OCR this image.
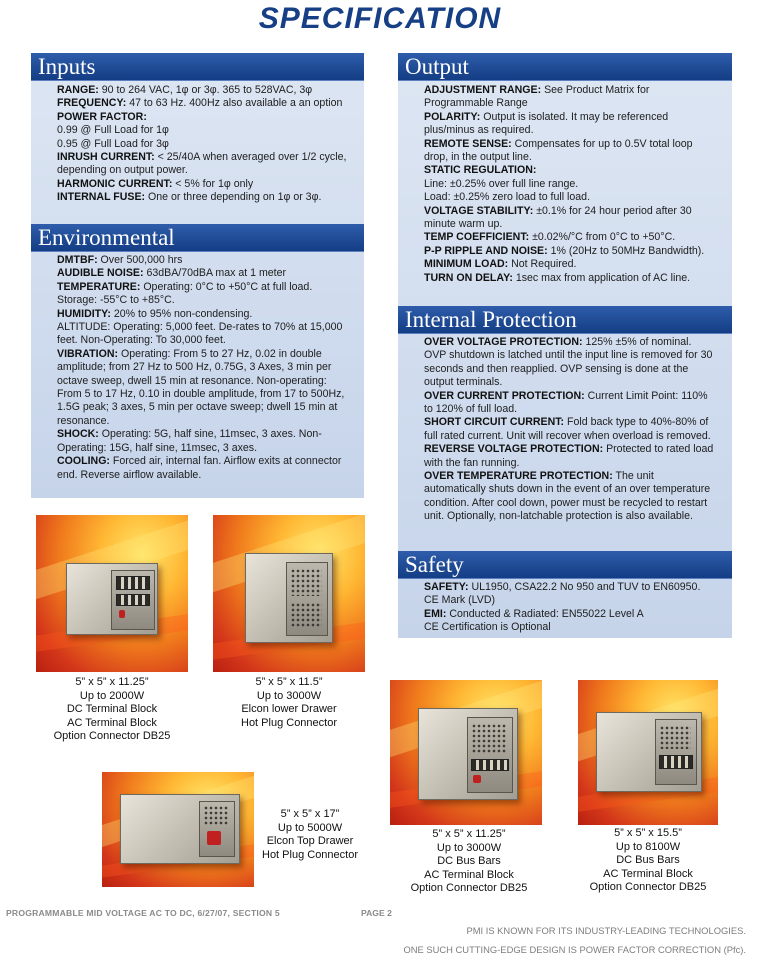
SPECIFICATION
Inputs

RANGE: 90 to 264 VAC, 1φ or 3φ. 365 to 528VAC, 3φ

FREQUENCY: 47 to 63 Hz. 400Hz also available a an option

POWER FACTOR:

0.99 @ Full Load for 1φ

0.95 @ Full Load for 3φ

INRUSH CURRENT: < 25/40A when averaged over 1/2 cycle, depending on output power.

HARMONIC CURRENT: < 5% for 1φ only

INTERNAL FUSE: One or three depending on 1φ or 3φ.

Environmental

DMTBF: Over 500,000 hrs

AUDIBLE NOISE: 63dBA/70dBA max at 1 meter

TEMPERATURE: Operating: 0°C to +50°C at full load. Storage: -55°C to +85°C.

HUMIDITY: 20% to 95% non-condensing.

ALTITUDE: Operating: 5,000 feet. De-rates to 70% at 15,000 feet. Non-Operating: To 30,000 feet.

VIBRATION: Operating: From 5 to 27 Hz, 0.02 in double amplitude; from 27 Hz to 500 Hz, 0.75G, 3 Axes, 3 min per octave sweep, dwell 15 min at resonance. Non-operating: From 5 to 17 Hz, 0.10 in double amplitude, from 17 to 500Hz, 1.5G peak; 3 axes, 5 min per octave sweep; dwell 15 min at resonance.

SHOCK: Operating: 5G, half sine, 11msec, 3 axes. Non-Operating: 15G, half sine, 11msec, 3 axes.

COOLING: Forced air, internal fan. Airflow exits at connector end. Reverse airflow available.

Output

ADJUSTMENT RANGE: See Product Matrix for Programmable Range

POLARITY: Output is isolated. It may be referenced plus/minus as required.

REMOTE SENSE: Compensates for up to 0.5V total loop drop, in the output line.

STATIC REGULATION:

Line: ±0.25% over full line range.

Load: ±0.25% zero load to full load.

VOLTAGE STABILITY: ±0.1% for 24 hour period after 30 minute warm up.

TEMP COEFFICIENT: ±0.02%/°C from 0°C to +50°C.

P-P RIPPLE AND NOISE: 1% (20Hz to 50MHz Bandwidth).

MINIMUM LOAD: Not Required.

TURN ON DELAY: 1sec max from application of AC line.

Internal Protection

OVER VOLTAGE PROTECTION: 125% ±5% of nominal. OVP shutdown is latched until the input line is removed for 30 seconds and then reapplied. OVP sensing is done at the output terminals.

OVER CURRENT PROTECTION: Current Limit Point: 110% to 120% of full load.

SHORT CIRCUIT CURRENT: Fold back type to 40%-80% of full rated current. Unit will recover when overload is removed.

REVERSE VOLTAGE PROTECTION: Protected to rated load with the fan running.

OVER TEMPERATURE PROTECTION: The unit automatically shuts down in the event of an over temperature condition. After cool down, power must be recycled to restart unit. Optionally, non-latchable protection is also available.

Safety

SAFETY: UL1950, CSA22.2 No 950 and TUV to EN60950. CE Mark (LVD)

EMI: Conducted & Radiated: EN55022 Level A

CE Certification is Optional

5” x 5” x 11.25”
Up to 2000W
DC Terminal Block
AC Terminal Block
Option Connector DB25
5” x 5” x 11.5”
Up to 3000W
Elcon lower Drawer
Hot Plug Connector
5” x 5” x 17”
Up to 5000W
Elcon Top Drawer
Hot Plug Connector
5” x 5” x 11.25”
Up to 3000W
DC Bus Bars
AC Terminal Block
Option Connector DB25
5” x 5” x 15.5”
Up to 8100W
DC Bus Bars
AC Terminal Block
Option Connector DB25
PROGRAMMABLE MID VOLTAGE AC TO DC, 6/27/07, SECTION 5	PAGE 2
PMI IS KNOWN FOR ITS INDUSTRY-LEADING TECHNOLOGIES.
ONE SUCH CUTTING-EDGE DESIGN IS POWER FACTOR CORRECTION (Pfc).
